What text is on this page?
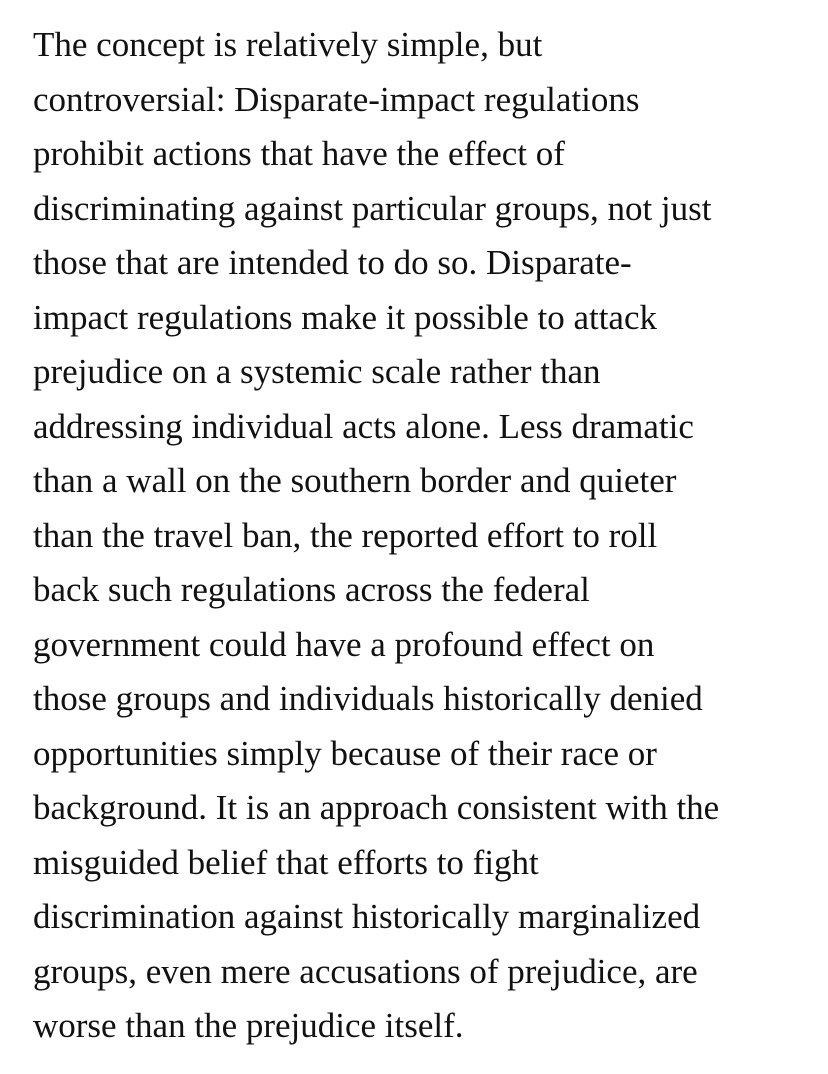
The concept is relatively simple, but
controversial: Disparate-impact regulations
prohibit actions that have the effect of
discriminating against particular groups, not just
those that are intended to do so. Disparate-
impact regulations make it possible to attack
prejudice on a systemic scale rather than
addressing individual acts alone. Less dramatic
than a wall on the southern border and quieter
than the travel ban, the reported effort to roll
back such regulations across the federal
government could have a profound effect on
those groups and individuals historically denied
opportunities simply because of their race or
background. It is an approach consistent with the
misguided belief that efforts to fight
discrimination against historically marginalized
groups, even mere accusations of prejudice, are
worse than the prejudice itself.
